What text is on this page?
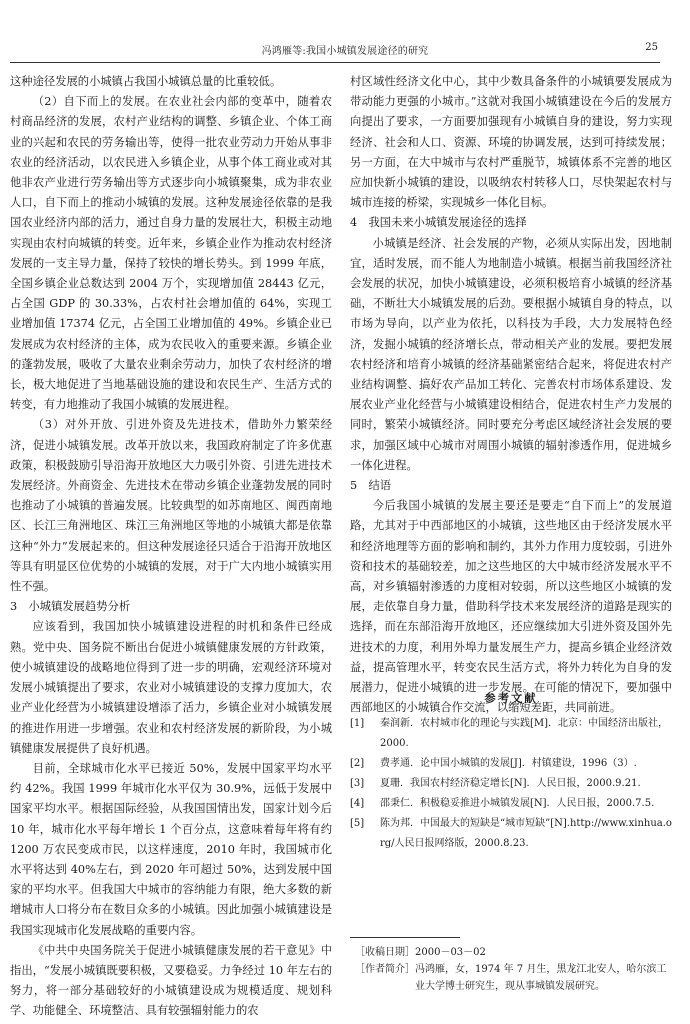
冯鸿雁等:我国小城镇发展途径的研究	25

这种途径发展的小城镇占我国小城镇总量的比重较低。

（2）自下而上的发展。在农业社会内部的变革中，随着农村商品经济的发展，农村产业结构的调整、乡镇企业、个体工商业的兴起和农民的劳务输出等，使得一批农业劳动力开始从事非农业的经济活动，以农民进入乡镇企业，从事个体工商业或对其他非农产业进行劳务输出等方式逐步向小城镇聚集，成为非农业人口，自下而上的推动小城镇的发展。这种发展途径依靠的是我国农业经济内部的活力，通过自身力量的发展壮大，积极主动地实现由农村向城镇的转变。近年来，乡镇企业作为推动农村经济发展的一支主导力量，保持了较快的增长势头。到 1999 年底，全国乡镇企业总数达到 2004 万个，实现增加值 28443 亿元，占全国 GDP 的 30.33%，占农村社会增加值的 64%，实现工业增加值 17374 亿元，占全国工业增加值的 49%。乡镇企业已发展成为农村经济的主体，成为农民收入的重要来源。乡镇企业的蓬勃发展，吸收了大量农业剩余劳动力，加快了农村经济的增长，极大地促进了当地基础设施的建设和农民生产、生活方式的转变，有力地推动了我国小城镇的发展进程。

（3）对外开放、引进外资及先进技术，借助外力繁荣经济，促进小城镇发展。改革开放以来，我国政府制定了许多优惠政策，积极鼓励引导沿海开放地区大力吸引外资、引进先进技术发展经济。外商资金、先进技术在带动乡镇企业蓬勃发展的同时也推动了小城镇的普遍发展。比较典型的如苏南地区、闽西南地区、长江三角洲地区、珠江三角洲地区等地的小城镇大都是依靠这种“外力”发展起来的。但这种发展途径只适合于沿海开放地区等具有明显区位优势的小城镇的发展，对于广大内地小城镇实用性不强。

3　小城镇发展趋势分析

应该看到，我国加快小城镇建设进程的时机和条件已经成熟。党中央、国务院不断出台促进小城镇健康发展的方针政策，使小城镇建设的战略地位得到了进一步的明确，宏观经济环境对发展小城镇提出了要求，农业对小城镇建设的支撑力度加大，农业产业化经营为小城镇建设增添了活力，乡镇企业对小城镇发展的推进作用进一步增强。农业和农村经济发展的新阶段，为小城镇健康发展提供了良好机遇。

目前，全球城市化水平已接近 50%，发展中国家平均水平约 42%。我国 1999 年城市化水平仅为 30.9%，远低于发展中国家平均水平。根据国际经验，从我国国情出发，国家计划今后 10 年，城市化水平每年增长 1 个百分点，这意味着每年将有约 1200 万农民变成市民，以这样速度，2010 年时，我国城市化水平将达到 40%左右，到 2020 年可超过 50%，达到发展中国家的平均水平。但我国大中城市的容纳能力有限，绝大多数的新增城市人口将分布在数目众多的小城镇。因此加强小城镇建设是我国实现城市化发展战略的重要内容。

《中共中央国务院关于促进小城镇健康发展的若干意见》中指出，“发展小城镇既要积极，又要稳妥。力争经过 10 年左右的努力，将一部分基础较好的小城镇建设成为规模适度、规划科学、功能健全、环境整洁、具有较强辐射能力的农

村区域性经济文化中心，其中少数具备条件的小城镇要发展成为带动能力更强的小城市。”这就对我国小城镇建设在今后的发展方向提出了要求，一方面要加强现有小城镇自身的建设，努力实现经济、社会和人口、资源、环境的协调发展，达到可持续发展；另一方面，在大中城市与农村严重脱节，城镇体系不完善的地区应加快新小城镇的建设，以吸纳农村转移人口，尽快架起农村与城市连接的桥梁，实现城乡一体化目标。

4　我国未来小城镇发展途径的选择

小城镇是经济、社会发展的产物，必须从实际出发，因地制宜，适时发展，而不能人为地制造小城镇。根据当前我国经济社会发展的状况，加快小城镇建设，必须积极培育小城镇的经济基础，不断壮大小城镇发展的后劲。要根据小城镇自身的特点，以市场为导向，以产业为依托，以科技为手段，大力发展特色经济，发掘小城镇的经济增长点，带动相关产业的发展。要把发展农村经济和培育小城镇的经济基础紧密结合起来，将促进农村产业结构调整、搞好农产品加工转化、完善农村市场体系建设、发展农业产业化经营与小城镇建设相结合，促进农村生产力发展的同时，繁荣小城镇经济。同时要充分考虑区域经济社会发展的要求，加强区域中心城市对周围小城镇的辐射渗透作用，促进城乡一体化进程。

5　结语

今后我国小城镇的发展主要还是要走“自下而上”的发展道路，尤其对于中西部地区的小城镇，这些地区由于经济发展水平和经济地理等方面的影响和制约，其外力作用力度较弱，引进外资和技术的基础较差，加之这些地区的大中城市经济发展水平不高，对乡镇辐射渗透的力度相对较弱，所以这些地区小城镇的发展，走依靠自身力量，借助科学技术来发展经济的道路是现实的选择，而在东部沿海开放地区，还应继续加大引进外资及国外先进技术的力度，利用外埠力量发展生产力，提高乡镇企业经济效益，提高管理水平，转变农民生活方式，将外力转化为自身的发展潜力，促进小城镇的进一步发展。在可能的情况下，要加强中西部地区的小城镇合作交流，以缩短差距，共同前进。

参考文献
[1]	秦润新．农村城市化的理论与实践[M]．北京：中国经济出版社，2000.
[2]	费孝通．论中国小城镇的发展[J]．村镇建设，1996（3）.
[3]	夏珊．我国农村经济稳定增长[N]．人民日报，2000.9.21.
[4]	邵秉仁．积极稳妥推进小城镇发展[N]．人民日报，2000.7.5.
[5]	陈为邦．中国最大的短缺是“城市短缺”[N].http://www.xinhua.org/人民日报网络版，2000.8.23.
［收稿日期］ 2000－03－02
［作者简介］ 冯鸿雁，女，1974 年 7 月生，黑龙江北安人，哈尔滨工业大学博士研究生，现从事城镇发展研究。
